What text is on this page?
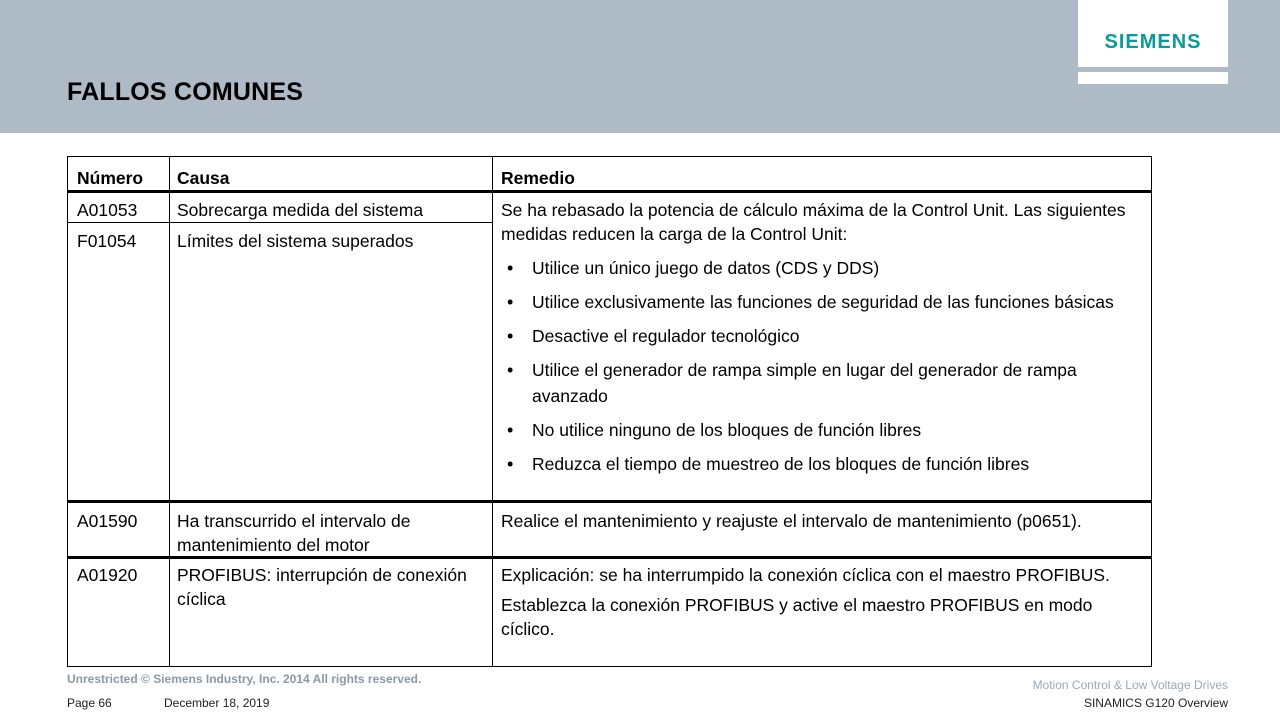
FALLOS COMUNES
SIEMENS
Número Causa	Remedio
A01053 Sobrecarga medida del sistema
F01054 Límites del sistema superados

Se ha rebasado la potencia de cálculo máxima de la Control Unit. Las siguientes medidas reducen la carga de la Control Unit:

• Utilice un único juego de datos (CDS y DDS)
• Utilice exclusivamente las funciones de seguridad de las funciones básicas
• Desactive el regulador tecnológico
• Utilice el generador de rampa simple en lugar del generador de rampa avanzado
• No utilice ninguno de los bloques de función libres
• Reduzca el tiempo de muestreo de los bloques de función libres
A01590 Ha transcurrido el intervalo de mantenimiento del motor
Realice el mantenimiento y reajuste el intervalo de mantenimiento (p0651).
A01920 PROFIBUS: interrupción de conexión cíclica

Explicación: se ha interrumpido la conexión cíclica con el maestro PROFIBUS.

Establezca la conexión PROFIBUS y active el maestro PROFIBUS en modo cíclico.

Unrestricted © Siemens Industry, Inc. 2014 All rights reserved.
Page 66	December 18, 2019
Motion Control & Low Voltage Drives
SINAMICS G120 Overview
